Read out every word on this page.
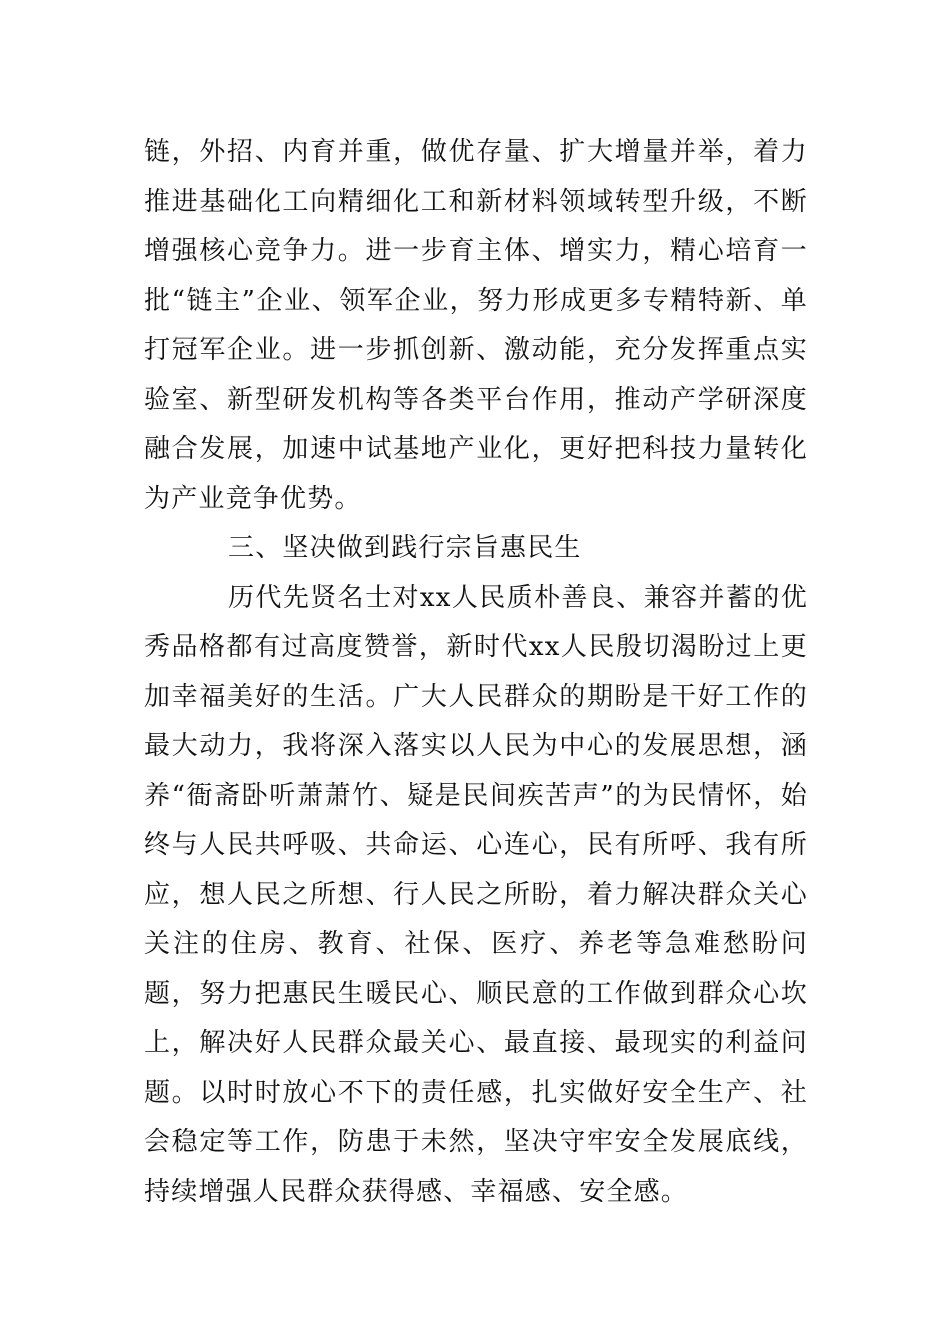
链，外招、内育并重，做优存量、扩大增量并举，着力推进基础化工向精细化工和新材料领域转型升级，不断增强核心竞争力。进一步育主体、增实力，精心培育一批“链主”企业、领军企业，努力形成更多专精特新、单打冠军企业。进一步抓创新、激动能，充分发挥重点实验室、新型研发机构等各类平台作用，推动产学研深度融合发展，加速中试基地产业化，更好把科技力量转化为产业竞争优势。

三、坚决做到践行宗旨惠民生

历代先贤名士对xx人民质朴善良、兼容并蓄的优秀品格都有过高度赞誉，新时代xx人民殷切渴盼过上更加幸福美好的生活。广大人民群众的期盼是干好工作的最大动力，我将深入落实以人民为中心的发展思想，涵养“衙斋卧听萧萧竹、疑是民间疾苦声”的为民情怀，始终与人民共呼吸、共命运、心连心，民有所呼、我有所应，想人民之所想、行人民之所盼，着力解决群众关心关注的住房、教育、社保、医疗、养老等急难愁盼问题，努力把惠民生暖民心、顺民意的工作做到群众心坎上，解决好人民群众最关心、最直接、最现实的利益问题。以时时放心不下的责任感，扎实做好安全生产、社会稳定等工作，防患于未然，坚决守牢安全发展底线，持续增强人民群众获得感、幸福感、安全感。
